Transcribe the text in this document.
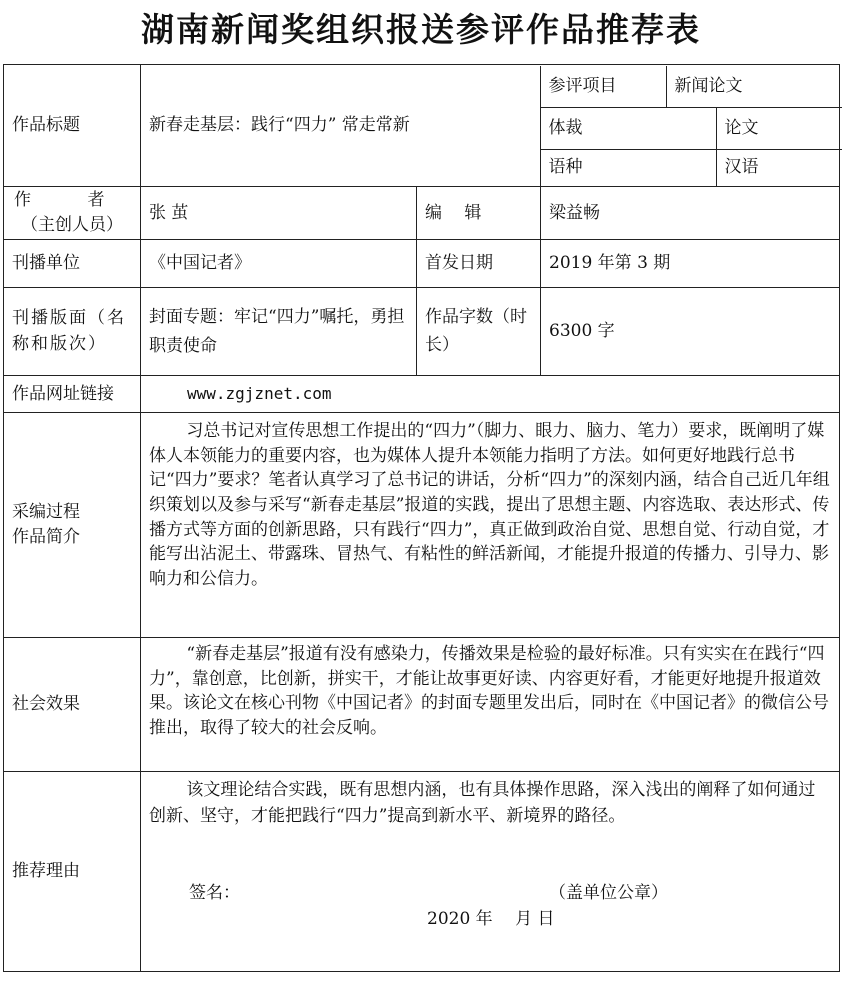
湖南新闻奖组织报送参评作品推荐表
作品标题		新春走基层：践行“四力” 常走常新	参评项目	新闻论文
体裁	论文
语种	汉语

作 者
（主创人员）
	张 茧	编 辑	梁益畅
刊播单位	《中国记者》	首发日期	2019 年第 3 期
刊播版面（名称和版次）	封面专题：牢记“四力”嘱托，勇担职责使命	作品字数（时长）	6300 字
作品网址链接	www.zgjznet.com

采编过程
作品简介
	习总书记对宣传思想工作提出的“四力”（脚力、眼力、脑力、笔力）要求，既阐明了媒体人本领能力的重要内容，也为媒体人提升本领能力指明了方法。如何更好地践行总书记“四力”要求？笔者认真学习了总书记的讲话，分析“四力”的深刻内涵，结合自己近几年组织策划以及参与采写“新春走基层”报道的实践，提出了思想主题、内容选取、表达形式、传播方式等方面的创新思路，只有践行“四力”，真正做到政治自觉、思想自觉、行动自觉，才能写出沾泥土、带露珠、冒热气、有粘性的鲜活新闻，才能提升报道的传播力、引导力、影响力和公信力。
社会效果	“新春走基层”报道有没有感染力，传播效果是检验的最好标准。只有实实在在践行“四力”，靠创意，比创新，拼实干，才能让故事更好读、内容更好看，才能更好地提升报道效果。该论文在核心刊物《中国记者》的封面专题里发出后，同时在《中国记者》的微信公号推出，取得了较大的社会反响。
推荐理由	
该文理论结合实践，既有思想内涵，也有具体操作思路，深入浅出的阐释了如何通过创新、坚守，才能把践行“四力”提高到新水平、新境界的路径。
签名：	（盖单位公章）
2020 年　 月 日
